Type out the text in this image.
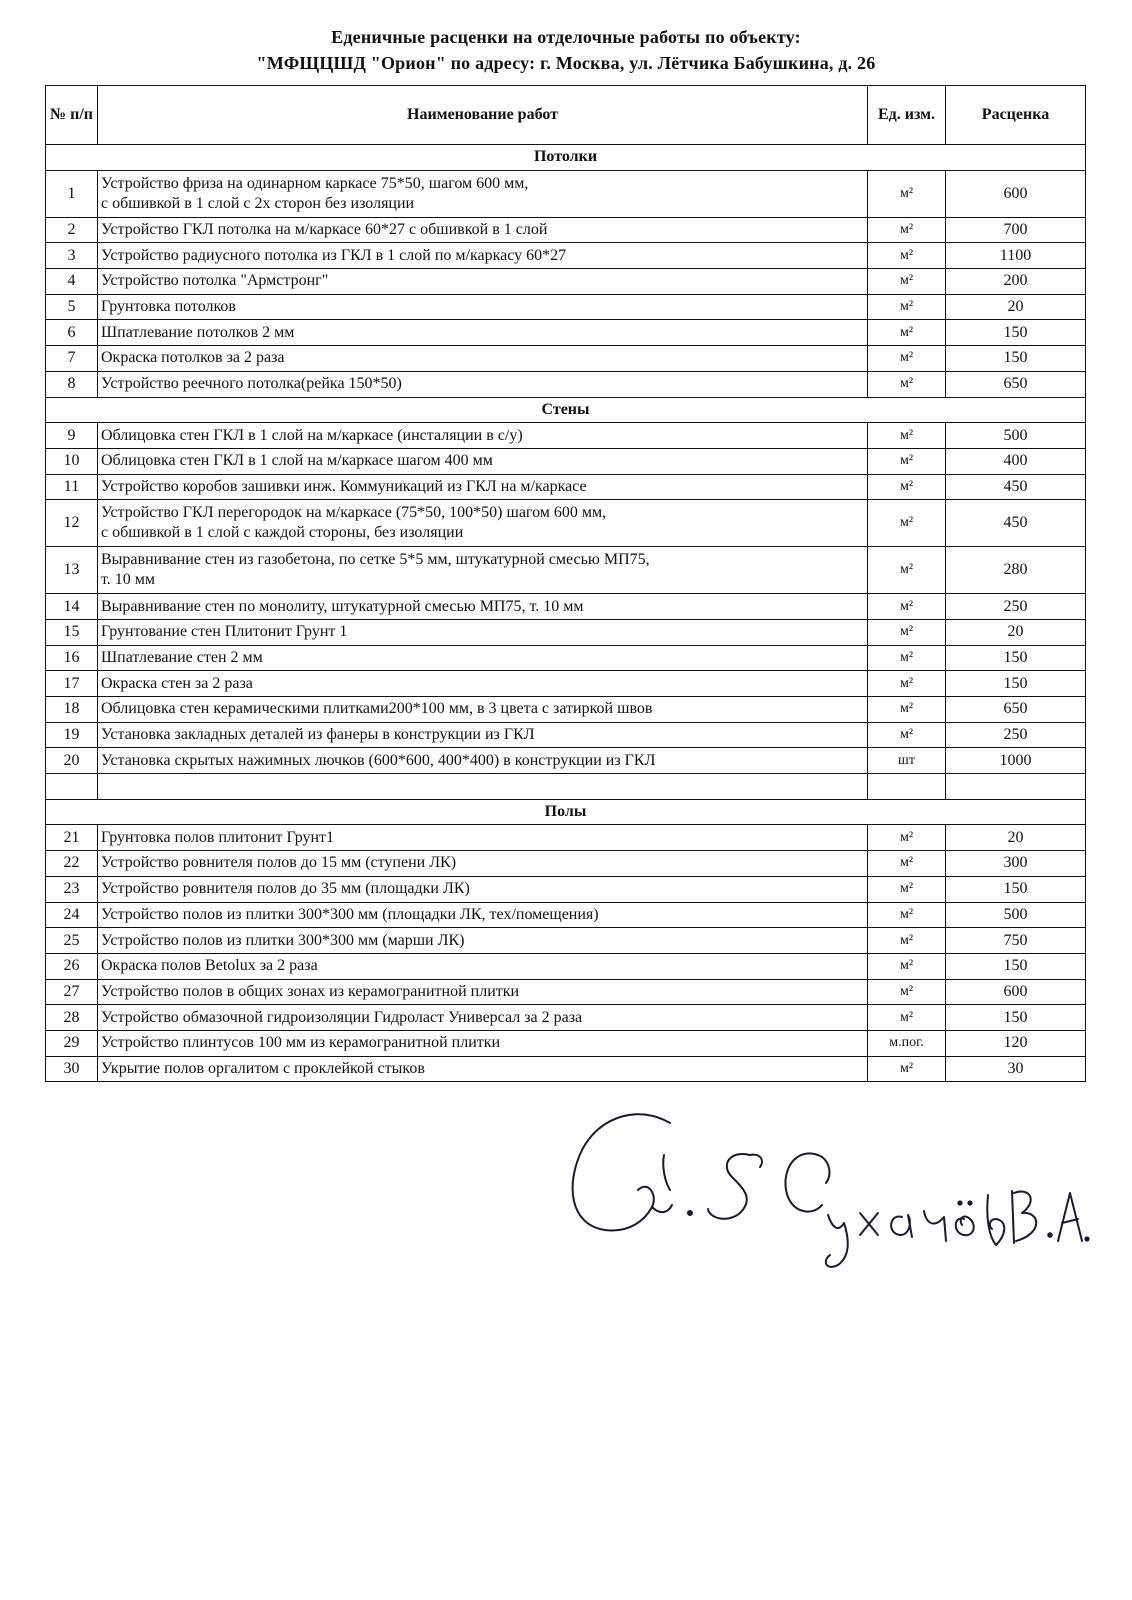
Еденичные расценки на отделочные работы по объекту:
"МФЩЦШД "Орион" по адресу: г. Москва, ул. Лётчика Бабушкина, д. 26
№ п/п	Наименование работ	Ед. изм.	Расценка
Потолки			
1	Устройство фриза на одинарном каркасе 75*50, шагом 600 мм,
с обшивкой в 1 слой с 2х сторон без изоляции	м²	600
2	Устройство ГКЛ потолка на м/каркасе 60*27 с обшивкой в 1 слой	м²	700
3	Устройство радиусного потолка из ГКЛ в 1 слой по м/каркасу 60*27	м²	1100
4	Устройство потолка "Армстронг"	м²	200
5	Грунтовка потолков	м²	20
6	Шпатлевание потолков 2 мм	м²	150
7	Окраска потолков за 2 раза	м²	150
8	Устройство реечного потолка(рейка 150*50)	м²	650
Стены			
9	Облицовка стен ГКЛ в 1 слой на м/каркасе (инсталяции в с/у)	м²	500
10	Облицовка стен ГКЛ в 1 слой на м/каркасе шагом 400 мм	м²	400
11	Устройство коробов зашивки инж. Коммуникаций из ГКЛ на м/каркасе	м²	450
12	Устройство ГКЛ перегородок на м/каркасе (75*50, 100*50) шагом 600 мм,
с обшивкой в 1 слой с каждой стороны, без изоляции	м²	450
13	Выравнивание стен из газобетона, по сетке 5*5 мм, штукатурной смесью МП75,
т. 10 мм	м²	280
14	Выравнивание стен по монолиту, штукатурной смесью МП75, т. 10 мм	м²	250
15	Грунтование стен Плитонит Грунт 1	м²	20
16	Шпатлевание стен 2 мм	м²	150
17	Окраска стен за 2 раза	м²	150
18	Облицовка стен керамическими плитками200*100 мм, в 3 цвета с затиркой швов	м²	650
19	Установка закладных деталей из фанеры в конструкции из ГКЛ	м²	250
20	Установка скрытых нажимных лючков (600*600, 400*400) в конструкции из ГКЛ	шт	1000

Полы			
21	Грунтовка полов плитонит Грунт1	м²	20
22	Устройство ровнителя полов до 15 мм (ступени ЛК)	м²	300
23	Устройство ровнителя полов до 35 мм (площадки ЛК)	м²	150
24	Устройство полов из плитки 300*300 мм (площадки ЛК, тех/помещения)	м²	500
25	Устройство полов из плитки 300*300 мм (марши ЛК)	м²	750
26	Окраска полов Betolux за 2 раза	м²	150
27	Устройство полов в общих зонах из керамогранитной плитки	м²	600
28	Устройство обмазочной гидроизоляции Гидроласт Универсал за 2 раза	м²	150
29	Устройство плинтусов 100 мм из керамогранитной плитки	м.пог.	120
30	Укрытие полов оргалитом с проклейкой стыков	м²	30
